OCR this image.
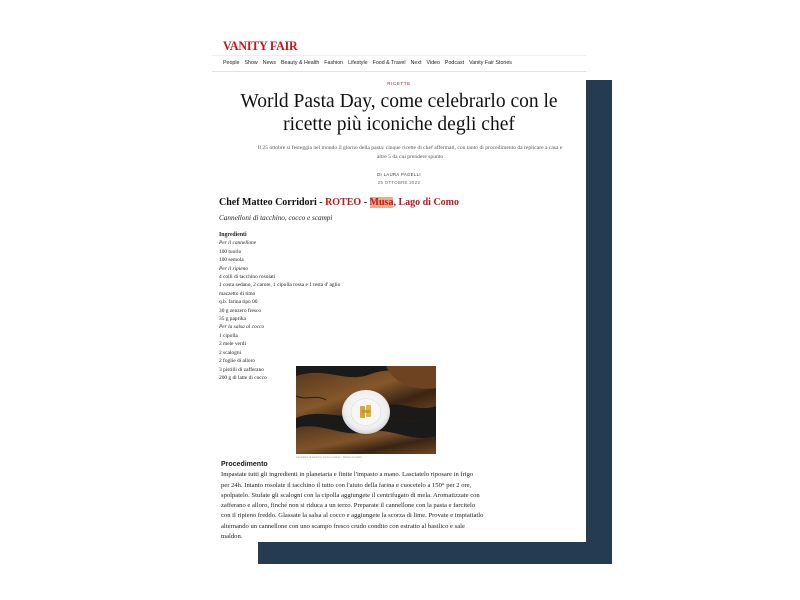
VANITY FAIR
People Show News Beauty & Health Fashion Lifestyle Food & Travel Next Video Podcast Vanity Fair Stories
RICETTE
World Pasta Day, come celebrarlo con le
ricette più iconiche degli chef
Il 25 ottobre si festeggia nel mondo il giorno della pasta: cinque ricette di chef affermati, con tanto di procedimento da replicare a casa e
altre 5 da cui prendere spunto
DI LAURA PAGELLI
25 OTTOBRE 2022
Chef Matteo Corridori - ROTEO - Musa, Lago di Como
Cannelloni di tacchino, cocco e scampi
Ingredienti
Per il cannellone
100 tuorlo
100 semola
Per il ripieno
4 colli di tacchino rosolati
1 costa sedano, 2 carote, 1 cipolla rossa e 1 testa d' aglio
mazzetto di timo
q.b. farina tipo 00
30 g zenzero fresco
35 g paprika
Per la salsa al cocco
1 cipolla
2 mele verdi
2 scalogni
2 foglie di alloro
3 pistilli di zafferano
200 g di latte di cocco
Cannelloni di tacchino, cocco e scampi - Matteo Corridori
Procedimento
Impastate tutti gli ingredienti in planetaria e finite l'impasto a mano. Lasciatelo riposare in frigo
per 24h. Intanto rosolate il tacchino il tutto con l'aiuto della farina e cuocetelo a 150° per 2 ore,
spolpatelo. Stufate gli scalogni con la cipolla aggiungete il centrifugato di mela. Aromatizzate con
zafferano e alloro, finché non si riduca a un terzo. Preparate il cannellone con la pasta e farcitelo
con il ripieno freddo. Glassate la salsa al cocco e aggiungete la scorza di lime. Provate e impiattatlo
alternando un cannellone con uno scampo fresco crudo condito con estratto al basilico e sale
maldon.
